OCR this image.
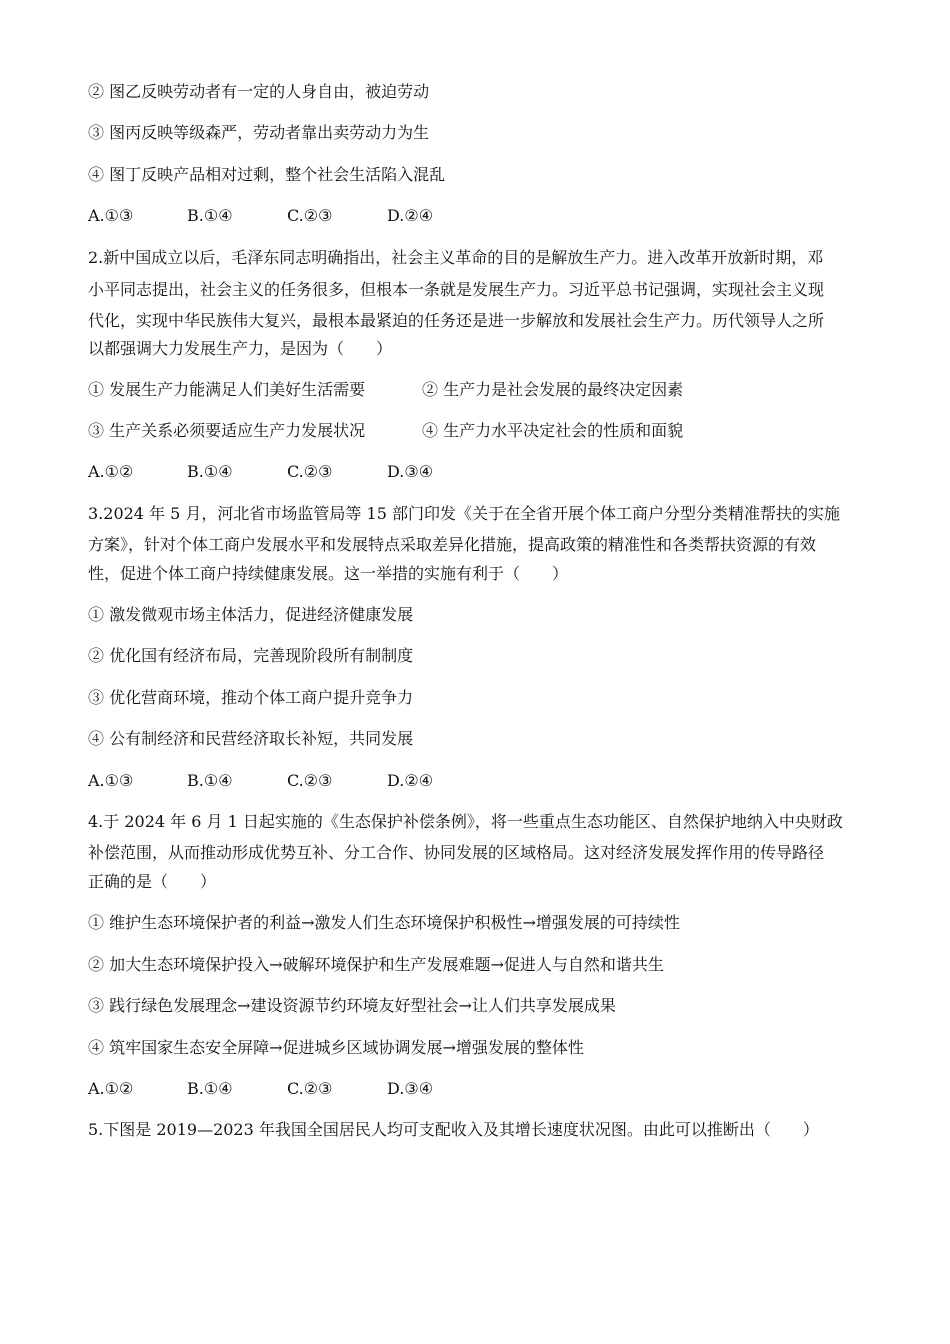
② 图乙反映劳动者有一定的人身自由，被迫劳动
③ 图丙反映等级森严，劳动者靠出卖劳动力为生
④ 图丁反映产品相对过剩，整个社会生活陷入混乱
A.①③	B.①④	C.②③	D.②④
2.新中国成立以后，毛泽东同志明确指出，社会主义革命的目的是解放生产力。进入改革开放新时期，邓
小平同志提出，社会主义的任务很多，但根本一条就是发展生产力。习近平总书记强调，实现社会主义现
代化，实现中华民族伟大复兴，最根本最紧迫的任务还是进一步解放和发展社会生产力。历代领导人之所
以都强调大力发展生产力，是因为（　　）
① 发展生产力能满足人们美好生活需要	② 生产力是社会发展的最终决定因素
③ 生产关系必须要适应生产力发展状况	④ 生产力水平决定社会的性质和面貌
A.①②	B.①④	C.②③	D.③④
3.2024 年 5 月，河北省市场监管局等 15 部门印发《关于在全省开展个体工商户分型分类精准帮扶的实施
方案》，针对个体工商户发展水平和发展特点采取差异化措施，提高政策的精准性和各类帮扶资源的有效
性，促进个体工商户持续健康发展。这一举措的实施有利于（　　）
① 激发微观市场主体活力，促进经济健康发展
② 优化国有经济布局，完善现阶段所有制制度
③ 优化营商环境，推动个体工商户提升竞争力
④ 公有制经济和民营经济取长补短，共同发展
A.①③	B.①④	C.②③	D.②④
4.于 2024 年 6 月 1 日起实施的《生态保护补偿条例》，将一些重点生态功能区、自然保护地纳入中央财政
补偿范围，从而推动形成优势互补、分工合作、协同发展的区域格局。这对经济发展发挥作用的传导路径
正确的是（　　）
① 维护生态环境保护者的利益→激发人们生态环境保护积极性→增强发展的可持续性
② 加大生态环境保护投入→破解环境保护和生产发展难题→促进人与自然和谐共生
③ 践行绿色发展理念→建设资源节约环境友好型社会→让人们共享发展成果
④ 筑牢国家生态安全屏障→促进城乡区域协调发展→增强发展的整体性
A.①②	B.①④	C.②③	D.③④
5.下图是 2019—2023 年我国全国居民人均可支配收入及其增长速度状况图。由此可以推断出（　　）
